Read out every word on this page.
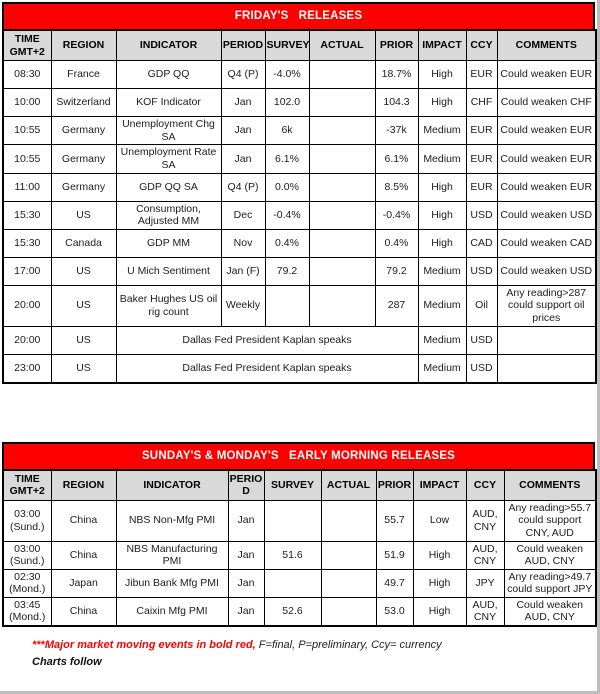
FRIDAY'S   RELEASES
TIME GMT+2	REGION	INDICATOR	PERIOD	SURVEY	ACTUAL	PRIOR	IMPACT	CCY	COMMENTS
08:30	France	GDP QQ	Q4 (P)	-4.0%		18.7%	High	EUR	Could weaken EUR
10:00	Switzerland	KOF Indicator	Jan	102.0		104.3	High	CHF	Could weaken CHF
10:55	Germany	Unemployment Chg SA	Jan	6k		-37k	Medium	EUR	Could weaken EUR
10:55	Germany	Unemployment Rate SA	Jan	6.1%		6.1%	Medium	EUR	Could weaken EUR
11:00	Germany	GDP QQ SA	Q4 (P)	0.0%		8.5%	High	EUR	Could weaken EUR
15:30	US	Consumption, Adjusted MM	Dec	-0.4%		-0.4%	High	USD	Could weaken USD
15:30	Canada	GDP MM	Nov	0.4%		0.4%	High	CAD	Could weaken CAD
17:00	US	U Mich Sentiment	Jan (F)	79.2		79.2	Medium	USD	Could weaken USD
20:00	US	Baker Hughes US oil rig count	Weekly			287	Medium	Oil	Any reading>287 could support oil prices
20:00	US	Dallas Fed President Kaplan speaks					Medium	USD	
23:00	US	Dallas Fed President Kaplan speaks					Medium	USD	
SUNDAY'S & MONDAY'S   EARLY MORNING RELEASES
TIME GMT+2	REGION	INDICATOR	PERIOD	SURVEY	ACTUAL	PRIOR	IMPACT	CCY	COMMENTS
03:00 (Sund.)	China	NBS Non-Mfg PMI	Jan			55.7	Low	AUD, CNY	Any reading>55.7 could support CNY, AUD
03:00 (Sund.)	China	NBS Manufacturing PMI	Jan	51.6		51.9	High	AUD, CNY	Could weaken AUD, CNY
02:30 (Mond.)	Japan	Jibun Bank Mfg PMI	Jan			49.7	High	JPY	Any reading>49.7 could support JPY
03:45 (Mond.)	China	Caixin Mfg PMI	Jan	52.6		53.0	High	AUD, CNY	Could weaken AUD, CNY
***Major market moving events in bold red, F=final, P=preliminary, Ccy= currency
Charts follow
